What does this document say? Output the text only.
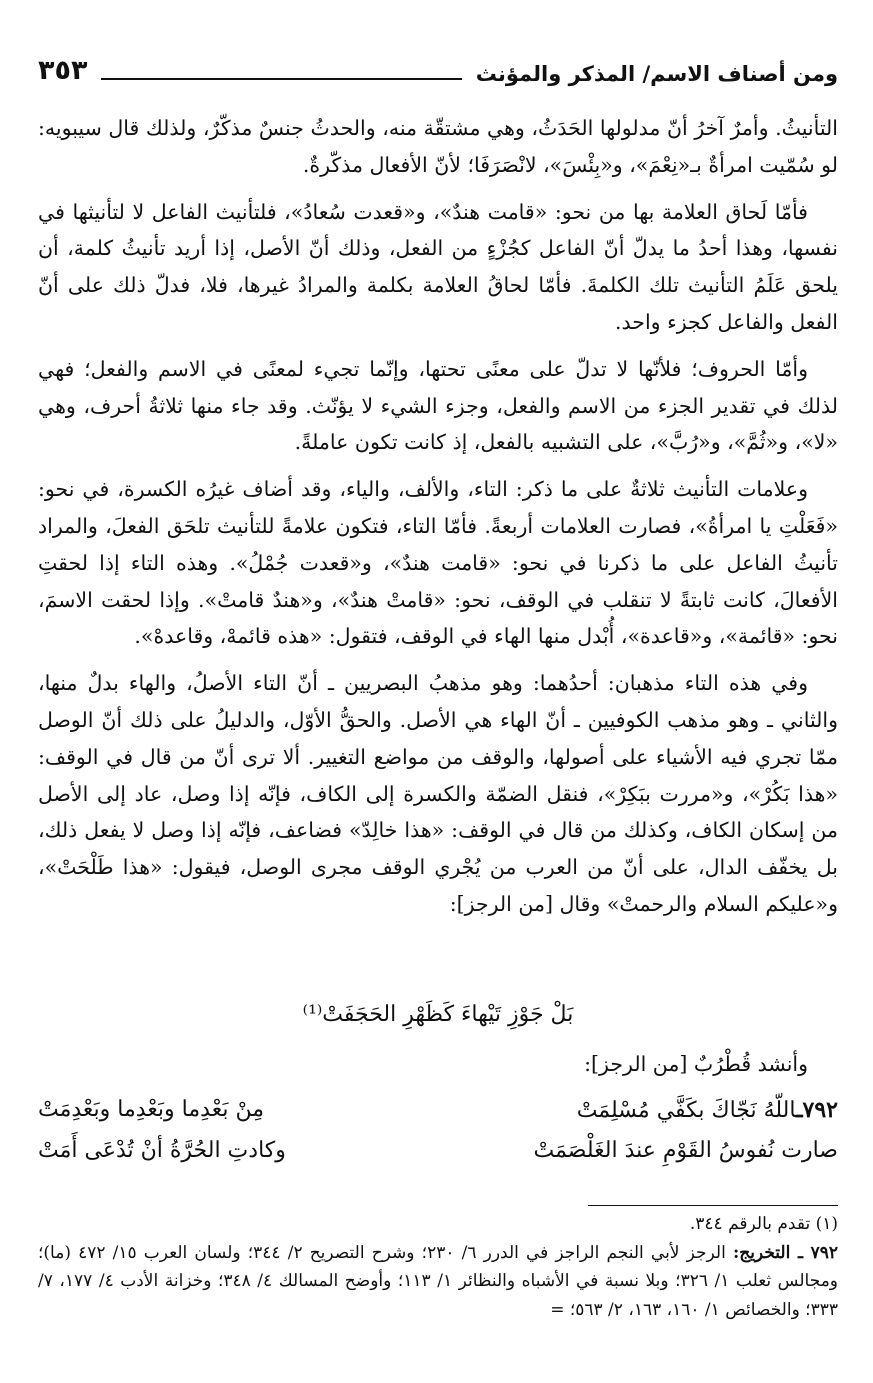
ومن أصناف الاسم/ المذكر والمؤنث
٣٥٣

التأنيثُ. وأمرٌ آخرُ أنّ مدلولها الحَدَثُ، وهي مشتقّة منه، والحدثُ جنسٌ مذكّرٌ، ولذلك قال سيبويه: لو سُمّيت امرأةٌ بـ«نِعْمَ»، و«بِئْسَ»، لانْصَرَفَا؛ لأنّ الأفعال مذكّرةٌ.

فأمّا لَحاق العلامة بها من نحو: «قامت هندٌ»، و«قعدت سُعادُ»، فلتأنيث الفاعل لا لتأنيثها في نفسها، وهذا أحدُ ما يدلّ أنّ الفاعل كجُزْءٍ من الفعل، وذلك أنّ الأصل، إذا أريد تأنيثُ كلمة، أن يلحق عَلَمُ التأنيث تلك الكلمةَ. فأمّا لحاقُ العلامة بكلمة والمرادُ غيرها، فلا، فدلّ ذلك على أنّ الفعل والفاعل كجزء واحد.

وأمّا الحروف؛ فلأنّها لا تدلّ على معنًى تحتها، وإنّما تجيء لمعنًى في الاسم والفعل؛ فهي لذلك في تقدير الجزء من الاسم والفعل، وجزء الشيء لا يؤنّث. وقد جاء منها ثلاثةُ أحرف، وهي «لا»، و«ثُمَّ»، و«رُبَّ»، على التشبيه بالفعل، إذ كانت تكون عاملةً.

وعلامات التأنيث ثلاثةٌ على ما ذكر: التاء، والألف، والياء، وقد أضاف غيرُه الكسرة، في نحو: «فَعَلْتِ يا امرأةُ»، فصارت العلامات أربعةً. فأمّا التاء، فتكون علامةً للتأنيث تلحَق الفعلَ، والمراد تأنيثُ الفاعل على ما ذكرنا في نحو: «قامت هندٌ»، و«قعدت جُمْلُ». وهذه التاء إذا لحقتِ الأفعالَ، كانت ثابتةً لا تنقلب في الوقف، نحو: «قامتْ هندٌ»، و«هندٌ قامتْ». وإذا لحقت الاسمَ، نحو: «قائمة»، و«قاعدة»، أُبْدل منها الهاء في الوقف، فتقول: «هذه قائمهْ، وقاعدهْ».

وفي هذه التاء مذهبان: أحدُهما: وهو مذهبُ البصريين ـ أنّ التاء الأصلُ، والهاء بدلٌ منها، والثاني ـ وهو مذهب الكوفيين ـ أنّ الهاء هي الأصل. والحقُّ الأوّل، والدليلُ على ذلك أنّ الوصل ممّا تجري فيه الأشياء على أصولها، والوقف من مواضع التغيير. ألا ترى أنّ من قال في الوقف: «هذا بَكُرْ»، و«مررت ببَكِرْ»، فنقل الضمّة والكسرة إلى الكاف، فإنّه إذا وصل، عاد إلى الأصل من إسكان الكاف، وكذلك من قال في الوقف: «هذا خالِدّ» فضاعف، فإنّه إذا وصل لا يفعل ذلك، بل يخفّف الدال، على أنّ من العرب من يُجْري الوقف مجرى الوصل، فيقول: «هذا طَلْحَتْ»، و«عليكم السلام والرحمتْ» وقال [من الرجز]:

بَلْ جَوْزِ تَيْهاءَ كَظَهْرِ الحَجَفَتْ⁽¹⁾
وأنشد قُطْرُبٌ [من الرجز]:
٧٩٢ـاللّهُ نَجّاكَ بكَفَّي مُسْلِمَتْ
مِنْ بَعْدِما وبَعْدِما وبَعْدِمَتْ
صارت نُفوسُ القَوْمِ عندَ الغَلْصَمَتْ
وكادتِ الحُرَّةُ أنْ تُدْعَى أَمَتْ

(١) تقدم بالرقم ٣٤٤.

٧٩٢ ـ التخريج: الرجز لأبي النجم الراجز في الدرر ٦/ ٢٣٠؛ وشرح التصريح ٢/ ٣٤٤؛ ولسان العرب ١٥/ ٤٧٢ (ما)؛ ومجالس ثعلب ١/ ٣٢٦؛ وبلا نسبة في الأشباه والنظائر ١/ ١١٣؛ وأوضح المسالك ٤/ ٣٤٨؛ وخزانة الأدب ٤/ ١٧٧، ٧/ ٣٣٣؛ والخصائص ١/ ١٦٠، ١٦٣، ٢/ ٥٦٣؛ =
